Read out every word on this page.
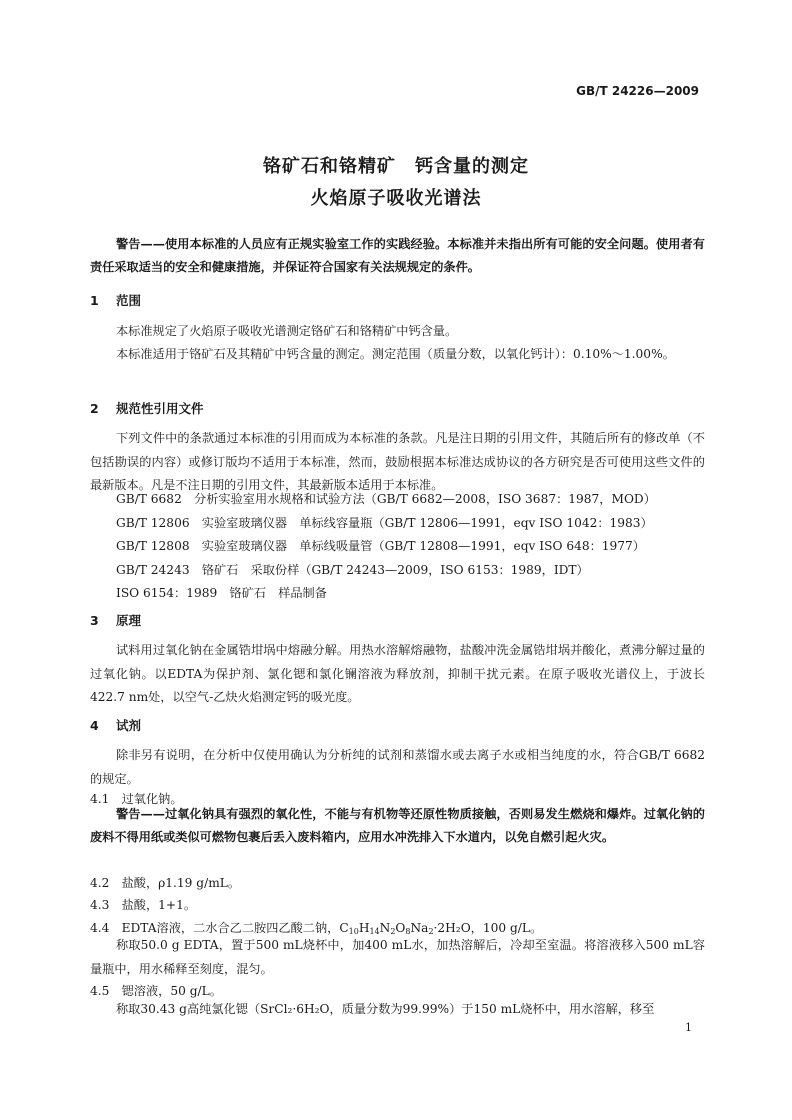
GB/T 24226—2009
铬矿石和铬精矿　钙含量的测定
火焰原子吸收光谱法
警告——使用本标准的人员应有正规实验室工作的实践经验。本标准并未指出所有可能的安全问题。使用者有责任采取适当的安全和健康措施，并保证符合国家有关法规规定的条件。
1 范围
本标准规定了火焰原子吸收光谱测定铬矿石和铬精矿中钙含量。
本标准适用于铬矿石及其精矿中钙含量的测定。测定范围（质量分数，以氧化钙计）：0.10%～1.00%。
2 规范性引用文件
下列文件中的条款通过本标准的引用而成为本标准的条款。凡是注日期的引用文件，其随后所有的修改单（不包括勘误的内容）或修订版均不适用于本标准，然而，鼓励根据本标准达成协议的各方研究是否可使用这些文件的最新版本。凡是不注日期的引用文件，其最新版本适用于本标准。
GB/T 6682　分析实验室用水规格和试验方法（GB/T 6682—2008，ISO 3687：1987，MOD）
GB/T 12806　实验室玻璃仪器　单标线容量瓶（GB/T 12806—1991，eqv ISO 1042：1983）
GB/T 12808　实验室玻璃仪器　单标线吸量管（GB/T 12808—1991，eqv ISO 648：1977）
GB/T 24243　铬矿石　采取份样（GB/T 24243—2009，ISO 6153：1989，IDT）
ISO 6154：1989　铬矿石　样品制备
3 原理
试料用过氧化钠在金属锆坩埚中熔融分解。用热水溶解熔融物，盐酸冲洗金属锆坩埚并酸化，煮沸分解过量的过氧化钠。以EDTA为保护剂、氯化锶和氯化镧溶液为释放剂，抑制干扰元素。在原子吸收光谱仪上，于波长422.7 nm处，以空气-乙炔火焰测定钙的吸光度。
4 试剂
除非另有说明，在分析中仅使用确认为分析纯的试剂和蒸馏水或去离子水或相当纯度的水，符合GB/T 6682的规定。
4.1　过氧化钠。
警告——过氧化钠具有强烈的氧化性，不能与有机物等还原性物质接触，否则易发生燃烧和爆炸。过氧化钠的废料不得用纸或类似可燃物包裹后丢入废料箱内，应用水冲洗排入下水道内，以免自燃引起火灾。
4.2　盐酸，ρ1.19 g/mL。
4.3　盐酸，1+1。
4.4　EDTA溶液，二水合乙二胺四乙酸二钠，$C_{10}H_{14}N_2O_8Na_2\cdot 2H_2O$，100 g/L。
称取50.0 g EDTA，置于500 mL烧杯中，加400 mL水，加热溶解后，冷却至室温。将溶液移入500 mL容量瓶中，用水稀释至刻度，混匀。
4.5　锶溶液，50 g/L。
称取30.43 g高纯氯化锶（SrCl₂·6H₂O，质量分数为99.99%）于150 mL烧杯中，用水溶解，移至
1
